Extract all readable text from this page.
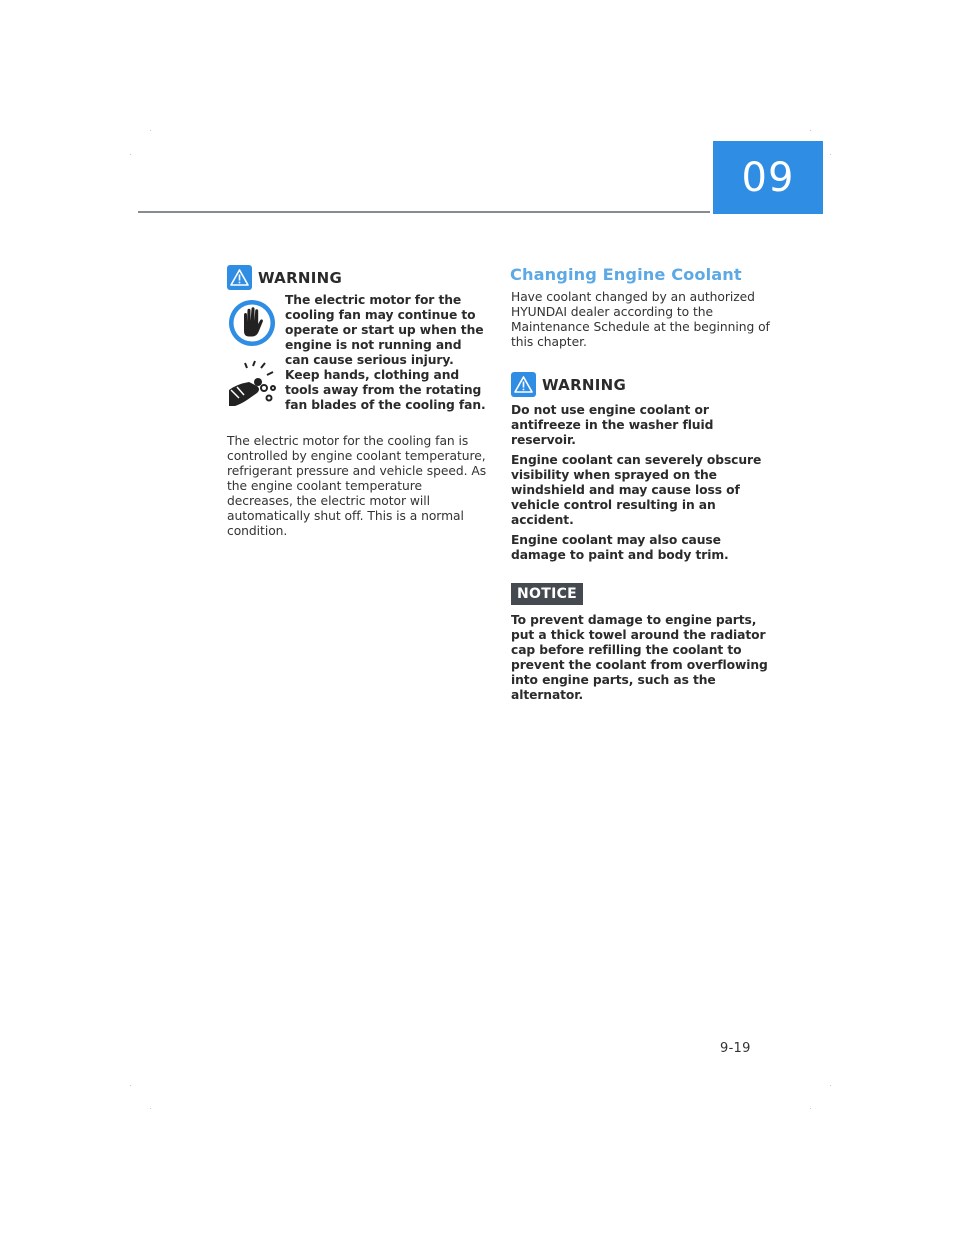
09
WARNING

The electric motor for the cooling fan may continue to operate or start up when the engine is not running and can cause serious injury. Keep hands, clothing and tools away from the rotating fan blades of the cooling fan.

The electric motor for the cooling fan is controlled by engine coolant temperature, refrigerant pressure and vehicle speed. As the engine coolant temperature decreases, the electric motor will automatically shut off. This is a normal condition.

Changing Engine Coolant

Have coolant changed by an authorized HYUNDAI dealer according to the Maintenance Schedule at the beginning of this chapter.

WARNING

Do not use engine coolant or antifreeze in the washer fluid reservoir.

Engine coolant can severely obscure visibility when sprayed on the windshield and may cause loss of vehicle control resulting in an accident.

Engine coolant may also cause damage to paint and body trim.

NOTICE

To prevent damage to engine parts, put a thick towel around the radiator cap before refilling the coolant to prevent the coolant from overflowing into engine parts, such as the alternator.

9-19
